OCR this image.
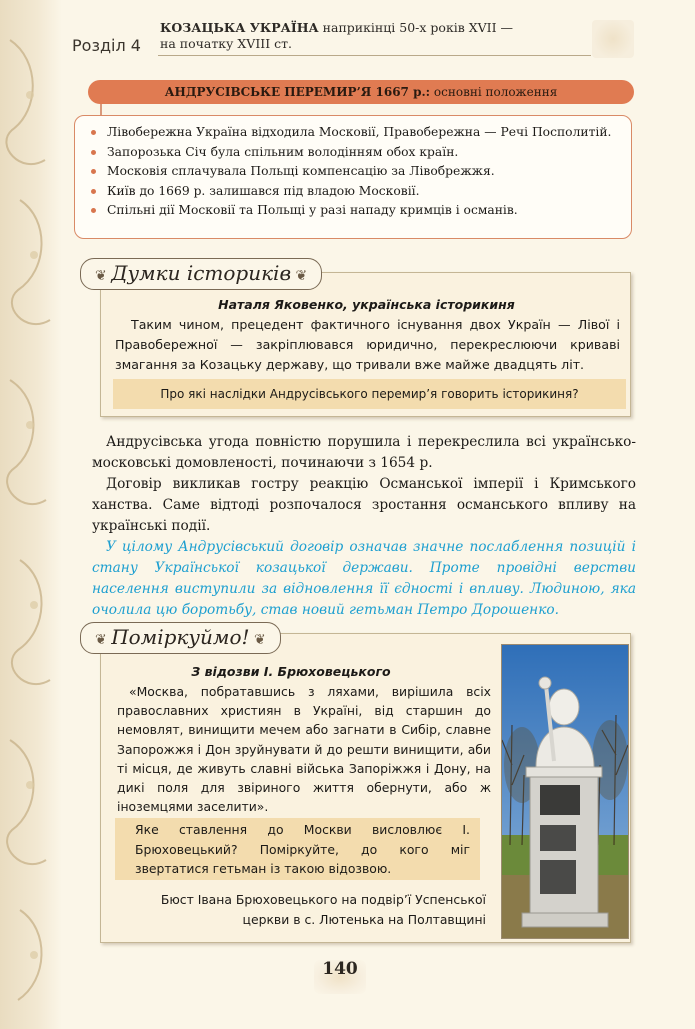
Розділ 4
КОЗАЦЬКА УКРАЇНА наприкінці 50-х років XVII —
на початку XVIII ст.
АНДРУСІВСЬКЕ ПЕРЕМИР’Я 1667 р.: основні положення
Лівобережна Україна відходила Московії, Правобережна — Речі Посполитій.
Запорозька Січ була спільним володінням обох країн.
Московія сплачувала Польщі компенсацію за Лівобрежжя.
Київ до 1669 р. залишався під владою Московії.
Спільні дії Московії та Польщі у разі нападу кримців і османів.
Наталя Яковенко, українська історикиня
Таким чином, прецедент фактичного існування двох Україн — Лівої і Правобережної — закріплювався юридично, перекреслюючи криваві змагання за Козацьку державу, що тривали вже майже двадцять літ.
Про які наслідки Андрусівського перемир’я говорить історикиня?
❦ Думки істориків ❦

Андрусівська угода повністю порушила і перекреслила всі українсько-московські домовленості, починаючи з 1654 р.

Договір викликав гостру реакцію Османської імперії і Кримського ханства. Саме відтоді розпочалося зростання османського впливу на українські події.

У цілому Андрусівський договір означав значне послаблення позицій і стану Української козацької держави. Проте провідні верстви населення виступили за відновлення її єдності і впливу. Людиною, яка очолила цю боротьбу, став новий гетьман Петро Дорошенко.

З відозви І. Брюховецького
«Москва, побратавшись з ляхами, вирішила всіх православних християн в Україні, від старшин до немовлят, винищити мечем або загнати в Сибір, славне Запорожжя і Дон зруйнувати й до решти винищити, аби ті місця, де живуть славні війська Запоріжжя і Дону, на дикі поля для звіриного життя обернути, або ж іноземцями заселити».
Яке ставлення до Москви висловлює І. Брюховецький? Поміркуйте, до кого міг звертатися гетьман із такою відозвою.
Бюст Івана Брюховецького на подвір’ї Успенської церкви в с. Лютенька на Полтавщині
❦ Поміркуймо! ❦
140
